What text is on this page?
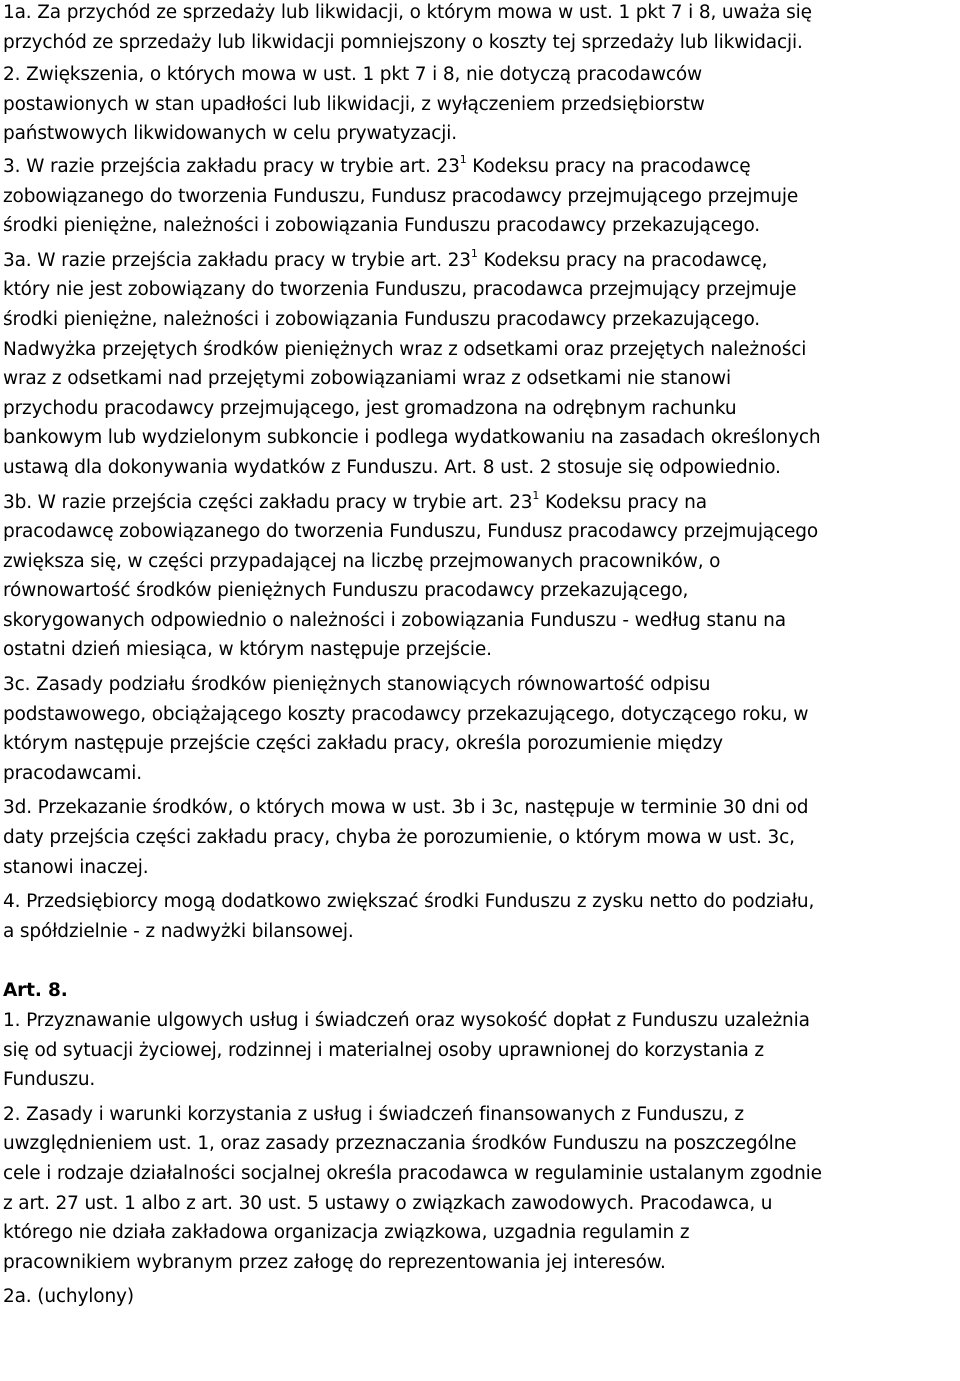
1a. Za przychód ze sprzedaży lub likwidacji, o którym mowa w ust. 1 pkt 7 i 8, uważa się
przychód ze sprzedaży lub likwidacji pomniejszony o koszty tej sprzedaży lub likwidacji.

2. Zwiększenia, o których mowa w ust. 1 pkt 7 i 8, nie dotyczą pracodawców
postawionych w stan upadłości lub likwidacji, z wyłączeniem przedsiębiorstw
państwowych likwidowanych w celu prywatyzacji.

3. W razie przejścia zakładu pracy w trybie art. $23^1$ Kodeksu pracy na pracodawcę
zobowiązanego do tworzenia Funduszu, Fundusz pracodawcy przejmującego przejmuje
środki pieniężne, należności i zobowiązania Funduszu pracodawcy przekazującego.

3a. W razie przejścia zakładu pracy w trybie art. $23^1$ Kodeksu pracy na pracodawcę,
który nie jest zobowiązany do tworzenia Funduszu, pracodawca przejmujący przejmuje
środki pieniężne, należności i zobowiązania Funduszu pracodawcy przekazującego.
Nadwyżka przejętych środków pieniężnych wraz z odsetkami oraz przejętych należności
wraz z odsetkami nad przejętymi zobowiązaniami wraz z odsetkami nie stanowi
przychodu pracodawcy przejmującego, jest gromadzona na odrębnym rachunku
bankowym lub wydzielonym subkoncie i podlega wydatkowaniu na zasadach określonych
ustawą dla dokonywania wydatków z Funduszu. Art. 8 ust. 2 stosuje się odpowiednio.

3b. W razie przejścia części zakładu pracy w trybie art. $23^1$ Kodeksu pracy na
pracodawcę zobowiązanego do tworzenia Funduszu, Fundusz pracodawcy przejmującego
zwiększa się, w części przypadającej na liczbę przejmowanych pracowników, o
równowartość środków pieniężnych Funduszu pracodawcy przekazującego,
skorygowanych odpowiednio o należności i zobowiązania Funduszu - według stanu na
ostatni dzień miesiąca, w którym następuje przejście.

3c. Zasady podziału środków pieniężnych stanowiących równowartość odpisu
podstawowego, obciążającego koszty pracodawcy przekazującego, dotyczącego roku, w
którym następuje przejście części zakładu pracy, określa porozumienie między
pracodawcami.

3d. Przekazanie środków, o których mowa w ust. 3b i 3c, następuje w terminie 30 dni od
daty przejścia części zakładu pracy, chyba że porozumienie, o którym mowa w ust. 3c,
stanowi inaczej.

4. Przedsiębiorcy mogą dodatkowo zwiększać środki Funduszu z zysku netto do podziału,
a spółdzielnie - z nadwyżki bilansowej.

Art. 8.

1. Przyznawanie ulgowych usług i świadczeń oraz wysokość dopłat z Funduszu uzależnia
się od sytuacji życiowej, rodzinnej i materialnej osoby uprawnionej do korzystania z
Funduszu.

2. Zasady i warunki korzystania z usług i świadczeń finansowanych z Funduszu, z
uwzględnieniem ust. 1, oraz zasady przeznaczania środków Funduszu na poszczególne
cele i rodzaje działalności socjalnej określa pracodawca w regulaminie ustalanym zgodnie
z art. 27 ust. 1 albo z art. 30 ust. 5 ustawy o związkach zawodowych. Pracodawca, u
którego nie działa zakładowa organizacja związkowa, uzgadnia regulamin z
pracownikiem wybranym przez załogę do reprezentowania jej interesów.

2a. (uchylony)
